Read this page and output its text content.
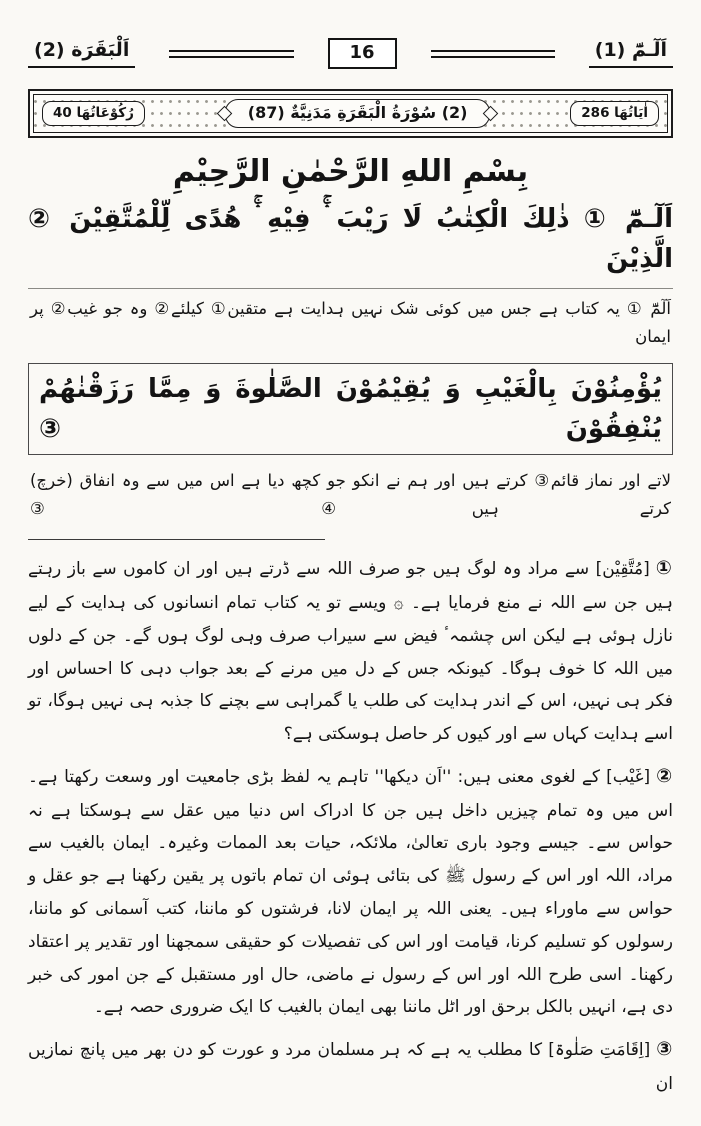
اَلْبَقَرَة (2)	16	اَلٓـمّٓ (1)
اٰيَاتُهَا 286
(2) سُوْرَةُ الْبَقَرَةِ مَدَنِيَّةٌ (87)
رُكُوْعَاتُهَا 40
بِسْمِ اللهِ الرَّحْمٰنِ الرَّحِيْمِ
اَلٓـمّٓ ① ذٰلِكَ الْكِتٰبُ لَا رَيْبَ ۛۚ فِيْهِ ۛۚ هُدًى لِّلْمُتَّقِيْنَ ② الَّذِيْنَ
اَلٓمّٓ ① یہ کتاب ہے جس میں کوئی شک نہیں ہدایت ہے متقین① کیلئے② وہ جو غیب② پر ایمان
يُؤْمِنُوْنَ بِالْغَيْبِ وَ يُقِيْمُوْنَ الصَّلٰوةَ وَ مِمَّا رَزَقْنٰهُمْ يُنْفِقُوْنَ ③
لاتے اور نماز قائم③ کرتے ہیں اور ہم نے انکو جو کچھ دیا ہے اس میں سے وہ انفاق (خرچ) کرتے ہیں④ ③

①[مُتَّقِیْن] سے مراد وہ لوگ ہیں جو صرف اللہ سے ڈرتے ہیں اور ان کاموں سے باز رہتے ہیں جن سے اللہ نے منع فرمایا ہے۔ ۞ ویسے تو یہ کتاب تمام انسانوں کی ہدایت کے لیے نازل ہوئی ہے لیکن اس چشمہٴ فیض سے سیراب صرف وہی لوگ ہوں گے۔ جن کے دلوں میں اللہ کا خوف ہوگا۔ کیونکہ جس کے دل میں مرنے کے بعد جواب دہی کا احساس اور فکر ہی نہیں، اس کے اندر ہدایت کی طلب یا گمراہی سے بچنے کا جذبہ ہی نہیں ہوگا، تو اسے ہدایت کہاں سے اور کیوں کر حاصل ہوسکتی ہے؟

②[غَیْب] کے لغوی معنی ہیں: ''اَن دیکھا'' تاہم یہ لفظ بڑی جامعیت اور وسعت رکھتا ہے۔ اس میں وہ تمام چیزیں داخل ہیں جن کا ادراک اس دنیا میں عقل سے ہوسکتا ہے نہ حواس سے۔ جیسے وجود باری تعالیٰ، ملائکہ، حیات بعد الممات وغیرہ۔ ایمان بالغیب سے مراد، اللہ اور اس کے رسول ﷺ کی بتائی ہوئی ان تمام باتوں پر یقین رکھنا ہے جو عقل و حواس سے ماوراء ہیں۔ یعنی اللہ پر ایمان لانا، فرشتوں کو ماننا، کتب آسمانی کو ماننا، رسولوں کو تسلیم کرنا، قیامت اور اس کی تفصیلات کو حقیقی سمجھنا اور تقدیر پر اعتقاد رکھنا۔ اسی طرح اللہ اور اس کے رسول نے ماضی، حال اور مستقبل کے جن امور کی خبر دی ہے، انہیں بالکل برحق اور اٹل ماننا بھی ایمان بالغیب کا ایک ضروری حصہ ہے۔

③[اِقَامَتِ صَلٰوۃ] کا مطلب یہ ہے کہ ہر مسلمان مرد و عورت کو دن بھر میں پانچ نمازیں ان
